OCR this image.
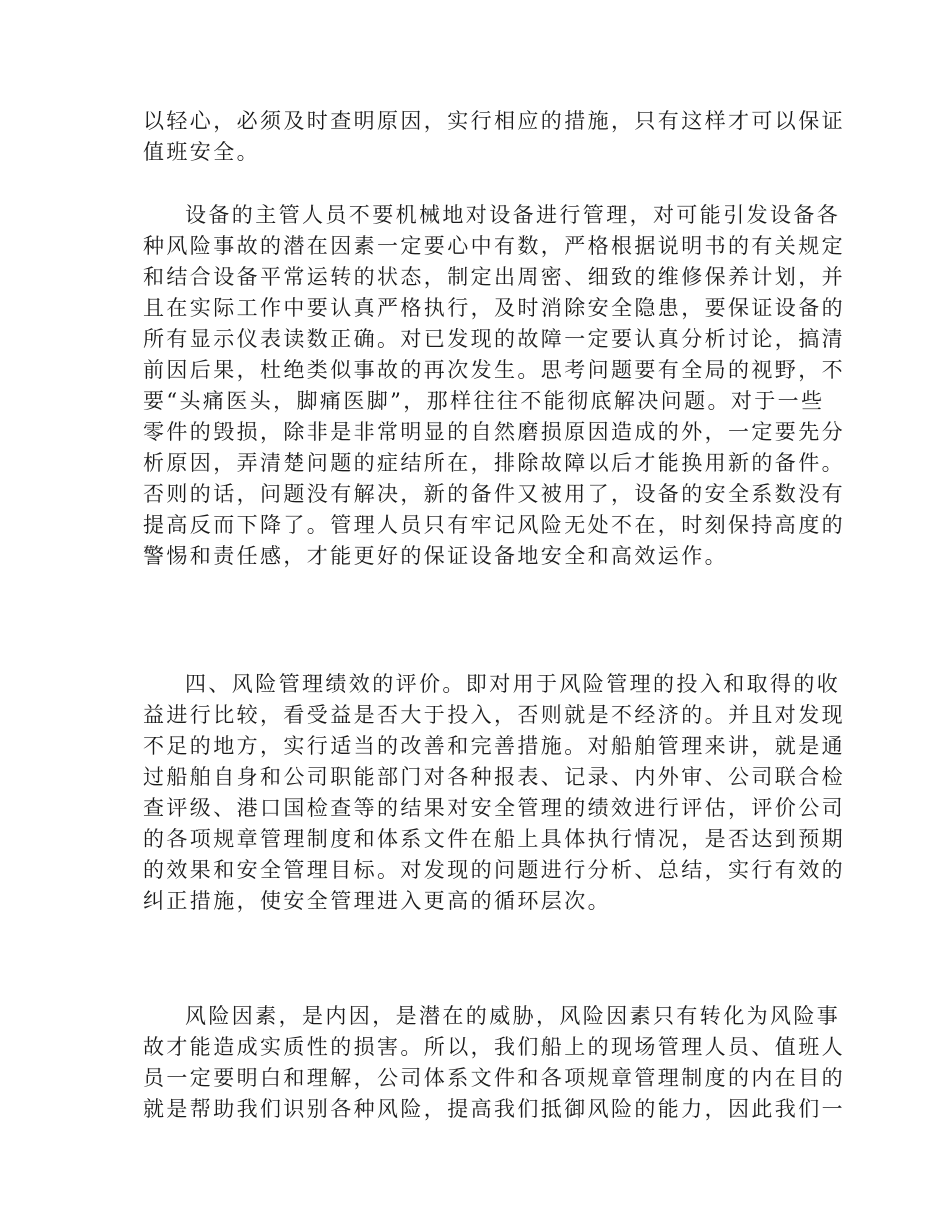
以轻心，必须及时查明原因，实行相应的措施，只有这样才可以保证
值班安全。
设备的主管人员不要机械地对设备进行管理，对可能引发设备各
种风险事故的潜在因素一定要心中有数，严格根据说明书的有关规定
和结合设备平常运转的状态，制定出周密、细致的维修保养计划，并
且在实际工作中要认真严格执行，及时消除安全隐患，要保证设备的
所有显示仪表读数正确。对已发现的故障一定要认真分析讨论，搞清
前因后果，杜绝类似事故的再次发生。思考问题要有全局的视野，不
要“头痛医头，脚痛医脚”，那样往往不能彻底解决问题。对于一些
零件的毁损，除非是非常明显的自然磨损原因造成的外，一定要先分
析原因，弄清楚问题的症结所在，排除故障以后才能换用新的备件。
否则的话，问题没有解决，新的备件又被用了，设备的安全系数没有
提高反而下降了。管理人员只有牢记风险无处不在，时刻保持高度的
警惕和责任感，才能更好的保证设备地安全和高效运作。
四、风险管理绩效的评价。即对用于风险管理的投入和取得的收
益进行比较，看受益是否大于投入，否则就是不经济的。并且对发现
不足的地方，实行适当的改善和完善措施。对船舶管理来讲，就是通
过船舶自身和公司职能部门对各种报表、记录、内外审、公司联合检
查评级、港口国检查等的结果对安全管理的绩效进行评估，评价公司
的各项规章管理制度和体系文件在船上具体执行情况，是否达到预期
的效果和安全管理目标。对发现的问题进行分析、总结，实行有效的
纠正措施，使安全管理进入更高的循环层次。
风险因素，是内因，是潜在的威胁，风险因素只有转化为风险事
故才能造成实质性的损害。所以，我们船上的现场管理人员、值班人
员一定要明白和理解，公司体系文件和各项规章管理制度的内在目的
就是帮助我们识别各种风险，提高我们抵御风险的能力，因此我们一
